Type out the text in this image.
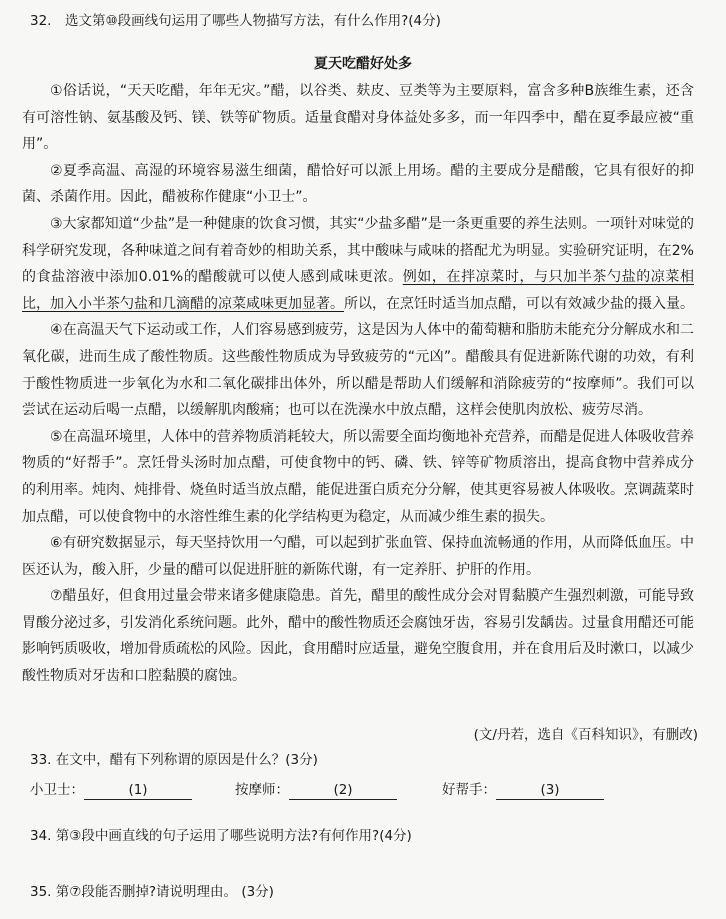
32.　选文第⑩段画线句运用了哪些人物描写方法，有什么作用?(4分)
夏天吃醋好处多

①俗话说，“天天吃醋，年年无灾。”醋，以谷类、麸皮、豆类等为主要原料，富含多种B族维生素，还含有可溶性钠、氨基酸及钙、镁、铁等矿物质。适量食醋对身体益处多多，而一年四季中，醋在夏季最应被“重用”。

②夏季高温、高湿的环境容易滋生细菌，醋恰好可以派上用场。醋的主要成分是醋酸，它具有很好的抑菌、杀菌作用。因此，醋被称作健康“小卫士”。

③大家都知道“少盐”是一种健康的饮食习惯，其实“少盐多醋”是一条更重要的养生法则。一项针对味觉的科学研究发现，各种味道之间有着奇妙的相助关系，其中酸味与咸味的搭配尤为明显。实验研究证明，在2%的食盐溶液中添加0.01%的醋酸就可以使人感到咸味更浓。例如，在拌凉菜时，与只加半茶勺盐的凉菜相比，加入小半茶勺盐和几滴醋的凉菜咸味更加显著。所以，在烹饪时适当加点醋，可以有效减少盐的摄入量。

④在高温天气下运动或工作，人们容易感到疲劳，这是因为人体中的葡萄糖和脂肪未能充分分解成水和二氧化碳，进而生成了酸性物质。这些酸性物质成为导致疲劳的“元凶”。醋酸具有促进新陈代谢的功效，有利于酸性物质进一步氧化为水和二氧化碳排出体外，所以醋是帮助人们缓解和消除疲劳的“按摩师”。我们可以尝试在运动后喝一点醋，以缓解肌肉酸痛；也可以在洗澡水中放点醋，这样会使肌肉放松、疲劳尽消。

⑤在高温环境里，人体中的营养物质消耗较大，所以需要全面均衡地补充营养，而醋是促进人体吸收营养物质的“好帮手”。烹饪骨头汤时加点醋，可使食物中的钙、磷、铁、锌等矿物质溶出，提高食物中营养成分的利用率。炖肉、炖排骨、烧鱼时适当放点醋，能促进蛋白质充分分解，使其更容易被人体吸收。烹调蔬菜时加点醋，可以使食物中的水溶性维生素的化学结构更为稳定，从而减少维生素的损失。

⑥有研究数据显示，每天坚持饮用一勺醋，可以起到扩张血管、保持血流畅通的作用，从而降低血压。中医还认为，酸入肝，少量的醋可以促进肝脏的新陈代谢，有一定养肝、护肝的作用。

⑦醋虽好，但食用过量会带来诸多健康隐患。首先，醋里的酸性成分会对胃黏膜产生强烈刺激，可能导致胃酸分泌过多，引发消化系统问题。此外，醋中的酸性物质还会腐蚀牙齿，容易引发龋齿。过量食用醋还可能影响钙质吸收，增加骨质疏松的风险。因此，食用醋时应适量，避免空腹食用，并在食用后及时漱口，以减少酸性物质对牙齿和口腔黏膜的腐蚀。

(文/丹若，选自《百科知识》，有删改)
33. 在文中，醋有下列称谓的原因是什么？(3分)
小卫士：	(1)	按摩师：	(2)	好帮手：	(3)
34. 第③段中画直线的句子运用了哪些说明方法?有何作用?(4分)
35. 第⑦段能否删掉?请说明理由。 (3分)
